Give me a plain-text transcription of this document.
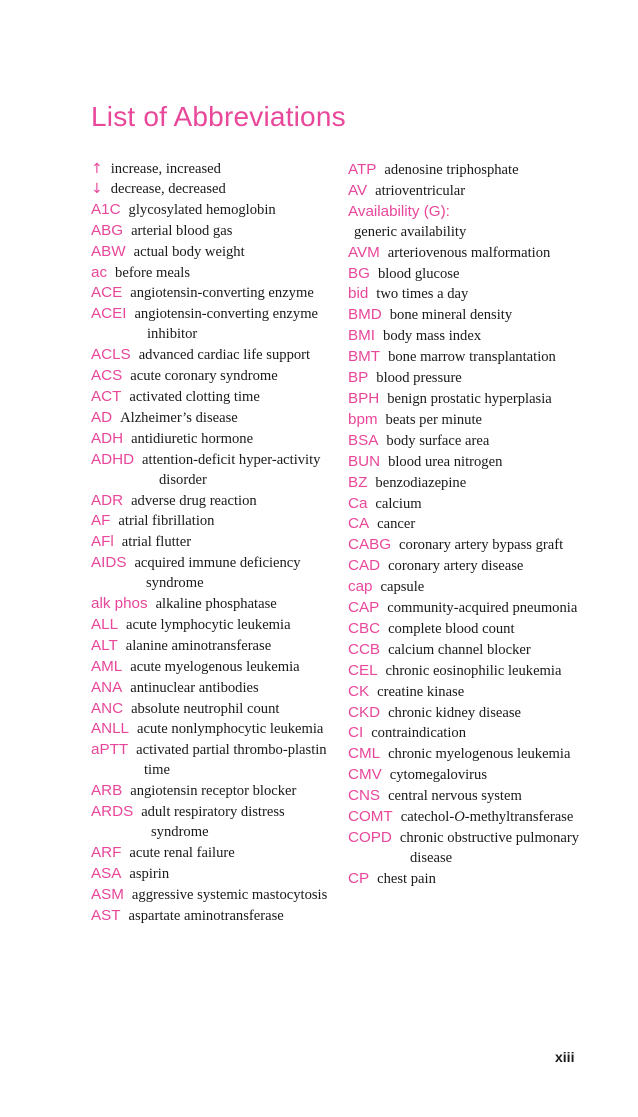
List of Abbreviations
↑ increase, increased
↓ decrease, decreased
A1C glycosylated hemoglobin
ABG arterial blood gas
ABW actual body weight
ac before meals
ACE angiotensin-converting enzyme
ACEI angiotensin-converting enzyme inhibitor
ACLS advanced cardiac life support
ACS acute coronary syndrome
ACT activated clotting time
AD Alzheimer’s disease
ADH antidiuretic hormone
ADHD attention-deficit hyper-activity disorder
ADR adverse drug reaction
AF atrial fibrillation
AFl atrial flutter
AIDS acquired immune deficiency syndrome
alk phos alkaline phosphatase
ALL acute lymphocytic leukemia
ALT alanine aminotransferase
AML acute myelogenous leukemia
ANA antinuclear antibodies
ANC absolute neutrophil count
ANLL acute nonlymphocytic leukemia
aPTT activated partial thrombo-plastin time
ARB angiotensin receptor blocker
ARDS adult respiratory distress syndrome
ARF acute renal failure
ASA aspirin
ASM aggressive systemic mastocytosis
AST aspartate aminotransferase
ATP adenosine triphosphate
AV atrioventricular
Availability (G):
generic availability
AVM arteriovenous malformation
BG blood glucose
bid two times a day
BMD bone mineral density
BMI body mass index
BMT bone marrow transplantation
BP blood pressure
BPH benign prostatic hyperplasia
bpm beats per minute
BSA body surface area
BUN blood urea nitrogen
BZ benzodiazepine
Ca calcium
CA cancer
CABG coronary artery bypass graft
CAD coronary artery disease
cap capsule
CAP community-acquired pneumonia
CBC complete blood count
CCB calcium channel blocker
CEL chronic eosinophilic leukemia
CK creatine kinase
CKD chronic kidney disease
CI contraindication
CML chronic myelogenous leukemia
CMV cytomegalovirus
CNS central nervous system
COMT catechol-O-methyltransferase
COPD chronic obstructive pulmonary disease
CP chest pain
xiii
